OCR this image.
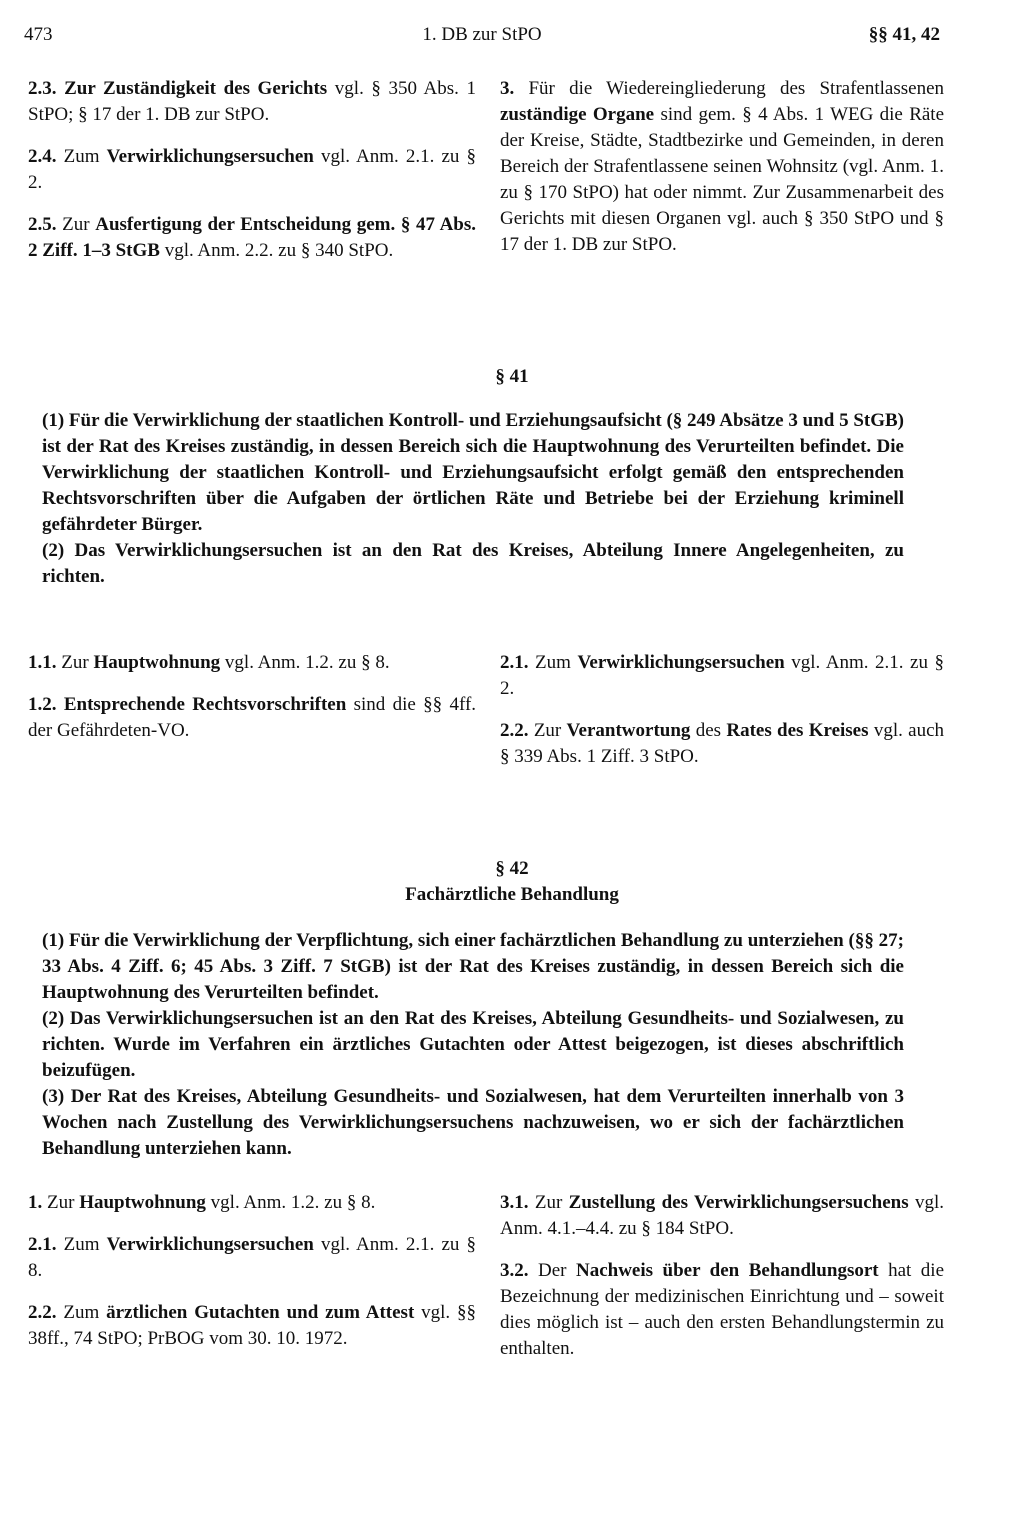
473	1. DB zur StPO	§§ 41, 42

2.3. Zur Zuständigkeit des Gerichts vgl. § 350 Abs. 1 StPO; § 17 der 1. DB zur StPO.

2.4. Zum Verwirklichungsersuchen vgl. Anm. 2.1. zu § 2.

2.5. Zur Ausfertigung der Entscheidung gem. § 47 Abs. 2 Ziff. 1–3 StGB vgl. Anm. 2.2. zu § 340 StPO.

3. Für die Wiedereingliederung des Strafentlassenen zuständige Organe sind gem. § 4 Abs. 1 WEG die Räte der Kreise, Städte, Stadtbezirke und Gemeinden, in deren Bereich der Strafentlassene seinen Wohnsitz (vgl. Anm. 1. zu § 170 StPO) hat oder nimmt. Zur Zusammenarbeit des Gerichts mit diesen Organen vgl. auch § 350 StPO und § 17 der 1. DB zur StPO.

§ 41

(1) Für die Verwirklichung der staatlichen Kontroll- und Erziehungsaufsicht (§ 249 Absätze 3 und 5 StGB) ist der Rat des Kreises zuständig, in dessen Bereich sich die Hauptwohnung des Verurteilten befindet. Die Verwirklichung der staatlichen Kontroll- und Erziehungsaufsicht erfolgt gemäß den entsprechenden Rechtsvorschriften über die Aufgaben der örtlichen Räte und Betriebe bei der Erziehung kriminell gefährdeter Bürger.

(2) Das Verwirklichungsersuchen ist an den Rat des Kreises, Abteilung Innere Angelegenheiten, zu richten.

1.1. Zur Hauptwohnung vgl. Anm. 1.2. zu § 8.

1.2. Entsprechende Rechtsvorschriften sind die §§ 4ff. der Gefährdeten-VO.

2.1. Zum Verwirklichungsersuchen vgl. Anm. 2.1. zu § 2.

2.2. Zur Verantwortung des Rates des Kreises vgl. auch § 339 Abs. 1 Ziff. 3 StPO.

§ 42
Fachärztliche Behandlung

(1) Für die Verwirklichung der Verpflichtung, sich einer fachärztlichen Behandlung zu unterziehen (§§ 27; 33 Abs. 4 Ziff. 6; 45 Abs. 3 Ziff. 7 StGB) ist der Rat des Kreises zuständig, in dessen Bereich sich die Hauptwohnung des Verurteilten befindet.

(2) Das Verwirklichungsersuchen ist an den Rat des Kreises, Abteilung Gesundheits- und Sozialwesen, zu richten. Wurde im Verfahren ein ärztliches Gutachten oder Attest beigezogen, ist dieses abschriftlich beizufügen.

(3) Der Rat des Kreises, Abteilung Gesundheits- und Sozialwesen, hat dem Verurteilten innerhalb von 3 Wochen nach Zustellung des Verwirklichungsersuchens nachzuweisen, wo er sich der fachärztlichen Behandlung unterziehen kann.

1. Zur Hauptwohnung vgl. Anm. 1.2. zu § 8.

2.1. Zum Verwirklichungsersuchen vgl. Anm. 2.1. zu § 8.

2.2. Zum ärztlichen Gutachten und zum Attest vgl. §§ 38ff., 74 StPO; PrBOG vom 30. 10. 1972.

3.1. Zur Zustellung des Verwirklichungsersuchens vgl. Anm. 4.1.–4.4. zu § 184 StPO.

3.2. Der Nachweis über den Behandlungsort hat die Bezeichnung der medizinischen Einrichtung und – soweit dies möglich ist – auch den ersten Behandlungstermin zu enthalten.
